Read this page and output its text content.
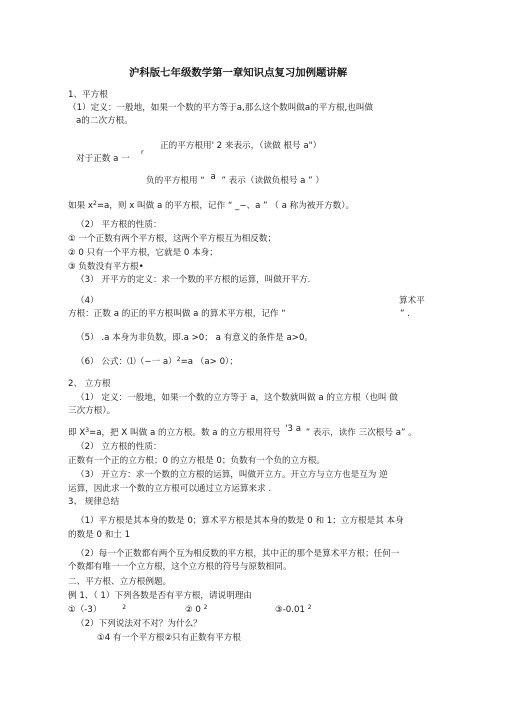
沪科版七年级数学第一章知识点复习加例题讲解
1、平方根
（1）定义：一般地，如果一个数的平方等于a,那么这个数叫做a的平方根,也叫做
a的二次方根。
r
正的平方根用' 2 来表示，（读做 根号 a"）
对于正数 a 一
负的平方根用 “ a ” 表示（读做负根号 a ” ）
如果 $x^2=a$，则 x 叫做 a 的平方根，记作 “ _−、a ” （ a 称为被开方数）。
（2） 平方根的性质：
① 一个正数有两个平方根，这两个平方根互为相反数；
② 0 只有一个平方根，它就是 0 本身；
③ 负数没有平方根•
（3） 开平方的定义：求一个数的平方根的运算，叫做开平方.
（4）	算术平
方根：正数 a 的正的平方根叫做 a 的算术平方根，记作 “	” .
（5） .a 本身为非负数，即.a >0； a 有意义的条件是 a>0。
（6） 公式：⑴（−一 a）$^2$=a （a> 0）；
2、 立方根
（1） 定义：一般地，如果一个数的立方等于 a，这个数就叫做 a 的立方根（也叫 做
三次方根）。
即 $X^3=a$，把 X 叫做 a 的立方根。数 a 的立方根用符号 '3 a ” 表示，读作 三次根号 a” 。
（2） 立方根的性质：
正数有一个正的立方根；0 的立方根是 0；负数有一个负的立方根。
（3） 开立方：求一个数的立方根的运算，叫做开立方。开立方与立方也是互为 逆
运算，因此求一个数的立方根可以通过立方运算来求 .
3、 规律总结
（1）平方根是其本身的数是 0；算术平方根是其本身的数是 0 和 1；立方根是其 本身
的数是 0 和土 1
（2）每一个正数都有两个互为相反数的平方根，其中正的那个是算术平方根；任何一
个数都有唯一一个立方根，这个立方根的符号与原数相同。
二、平方根、立方根例题。
例 1、（ 1）下列各数是否有平方根，请说明理由
①（-3）	$^2$	② 0 $^2$	③-0.01 $^2$
（2）下列说法对不对？为什么？
①4 有一个平方根②只有正数有平方根
